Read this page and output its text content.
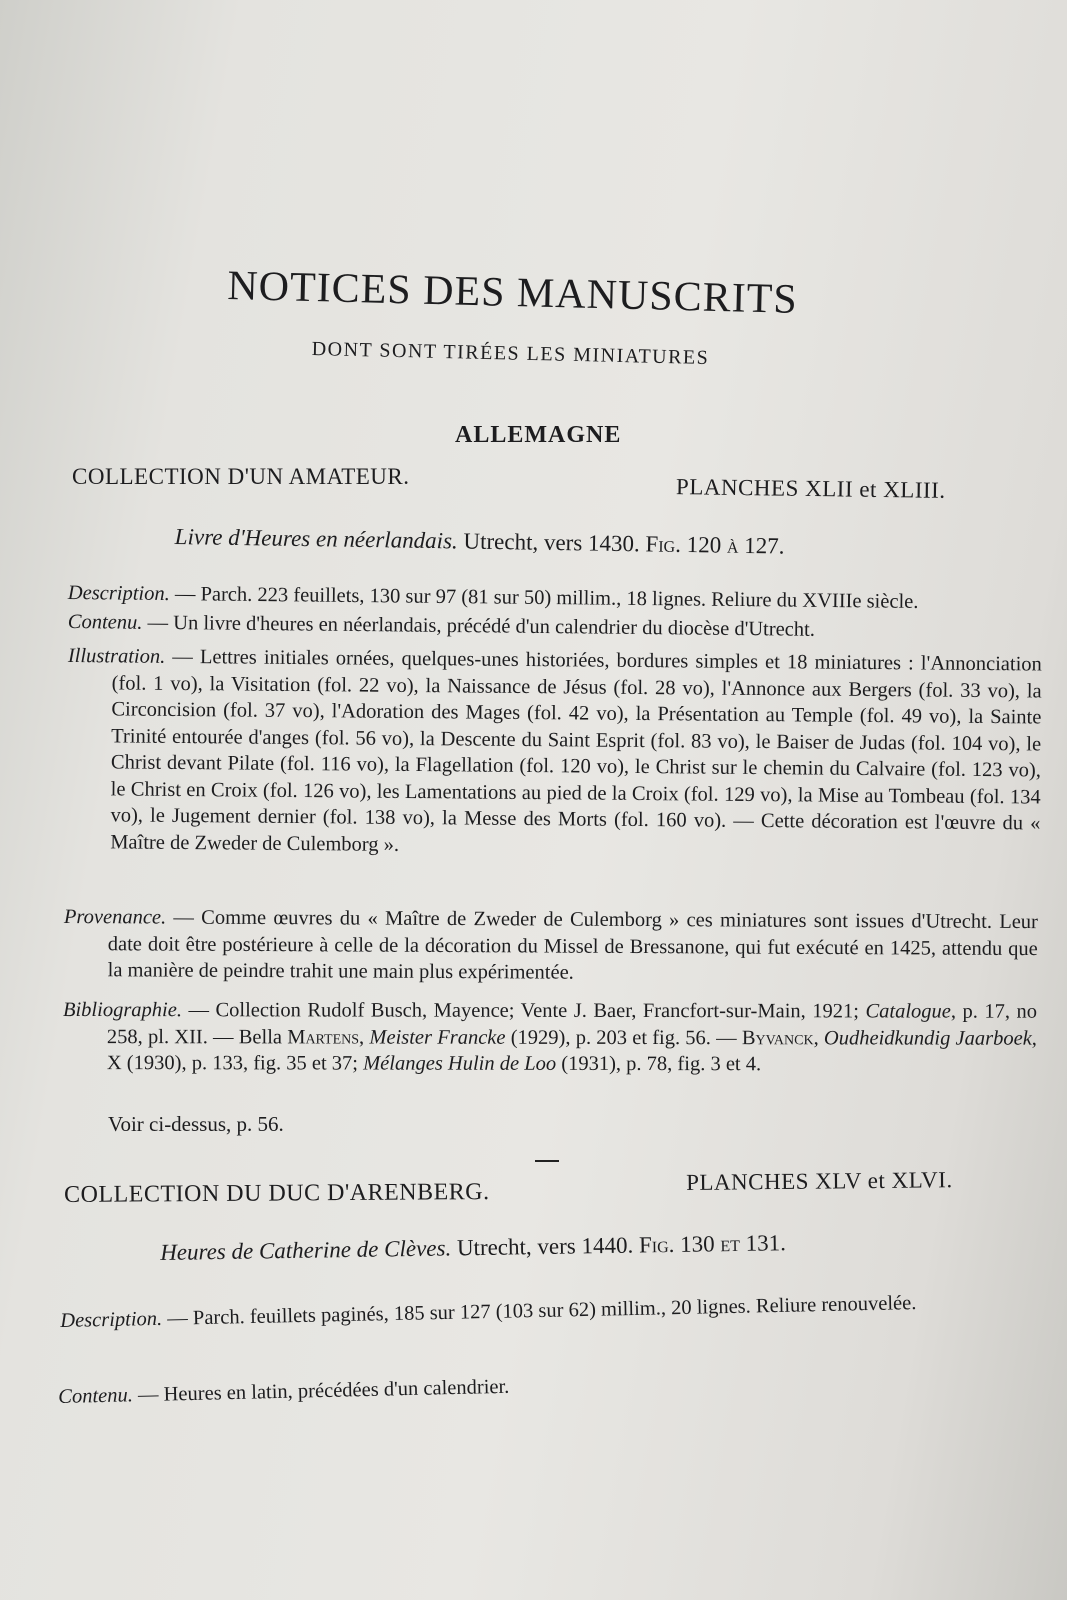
NOTICES DES MANUSCRITS
DONT SONT TIRÉES LES MINIATURES
ALLEMAGNE
COLLECTION D'UN AMATEUR.	PLANCHES XLII et XLIII.
Livre d'Heures en néerlandais. Utrecht, vers 1430. Fig. 120 à 127.
Description. — Parch. 223 feuillets, 130 sur 97 (81 sur 50) millim., 18 lignes. Reliure du XVIIIe siècle.
Contenu. — Un livre d'heures en néerlandais, précédé d'un calendrier du diocèse d'Utrecht.
Illustration. — Lettres initiales ornées, quelques-unes historiées, bordures simples et 18 miniatures : l'Annonciation (fol. 1 vo), la Visitation (fol. 22 vo), la Naissance de Jésus (fol. 28 vo), l'Annonce aux Bergers (fol. 33 vo), la Circoncision (fol. 37 vo), l'Adoration des Mages (fol. 42 vo), la Présentation au Temple (fol. 49 vo), la Sainte Trinité entourée d'anges (fol. 56 vo), la Descente du Saint Esprit (fol. 83 vo), le Baiser de Judas (fol. 104 vo), le Christ devant Pilate (fol. 116 vo), la Flagellation (fol. 120 vo), le Christ sur le chemin du Calvaire (fol. 123 vo), le Christ en Croix (fol. 126 vo), les Lamentations au pied de la Croix (fol. 129 vo), la Mise au Tombeau (fol. 134 vo), le Jugement dernier (fol. 138 vo), la Messe des Morts (fol. 160 vo). — Cette décoration est l'œuvre du « Maître de Zweder de Culemborg ».
Provenance. — Comme œuvres du « Maître de Zweder de Culemborg » ces miniatures sont issues d'Utrecht. Leur date doit être postérieure à celle de la décoration du Missel de Bressanone, qui fut exécuté en 1425, attendu que la manière de peindre trahit une main plus expérimentée.
Bibliographie. — Collection Rudolf Busch, Mayence; Vente J. Baer, Francfort-sur-Main, 1921; Catalogue, p. 17, no 258, pl. XII. — Bella Martens, Meister Francke (1929), p. 203 et fig. 56. — Byvanck, Oudheidkundig Jaarboek, X (1930), p. 133, fig. 35 et 37; Mélanges Hulin de Loo (1931), p. 78, fig. 3 et 4.
Voir ci-dessus, p. 56.
COLLECTION DU DUC D'ARENBERG.	PLANCHES XLV et XLVI.
Heures de Catherine de Clèves. Utrecht, vers 1440. Fig. 130 et 131.
Description. — Parch. feuillets paginés, 185 sur 127 (103 sur 62) millim., 20 lignes. Reliure renouvelée.
Contenu. — Heures en latin, précédées d'un calendrier.
